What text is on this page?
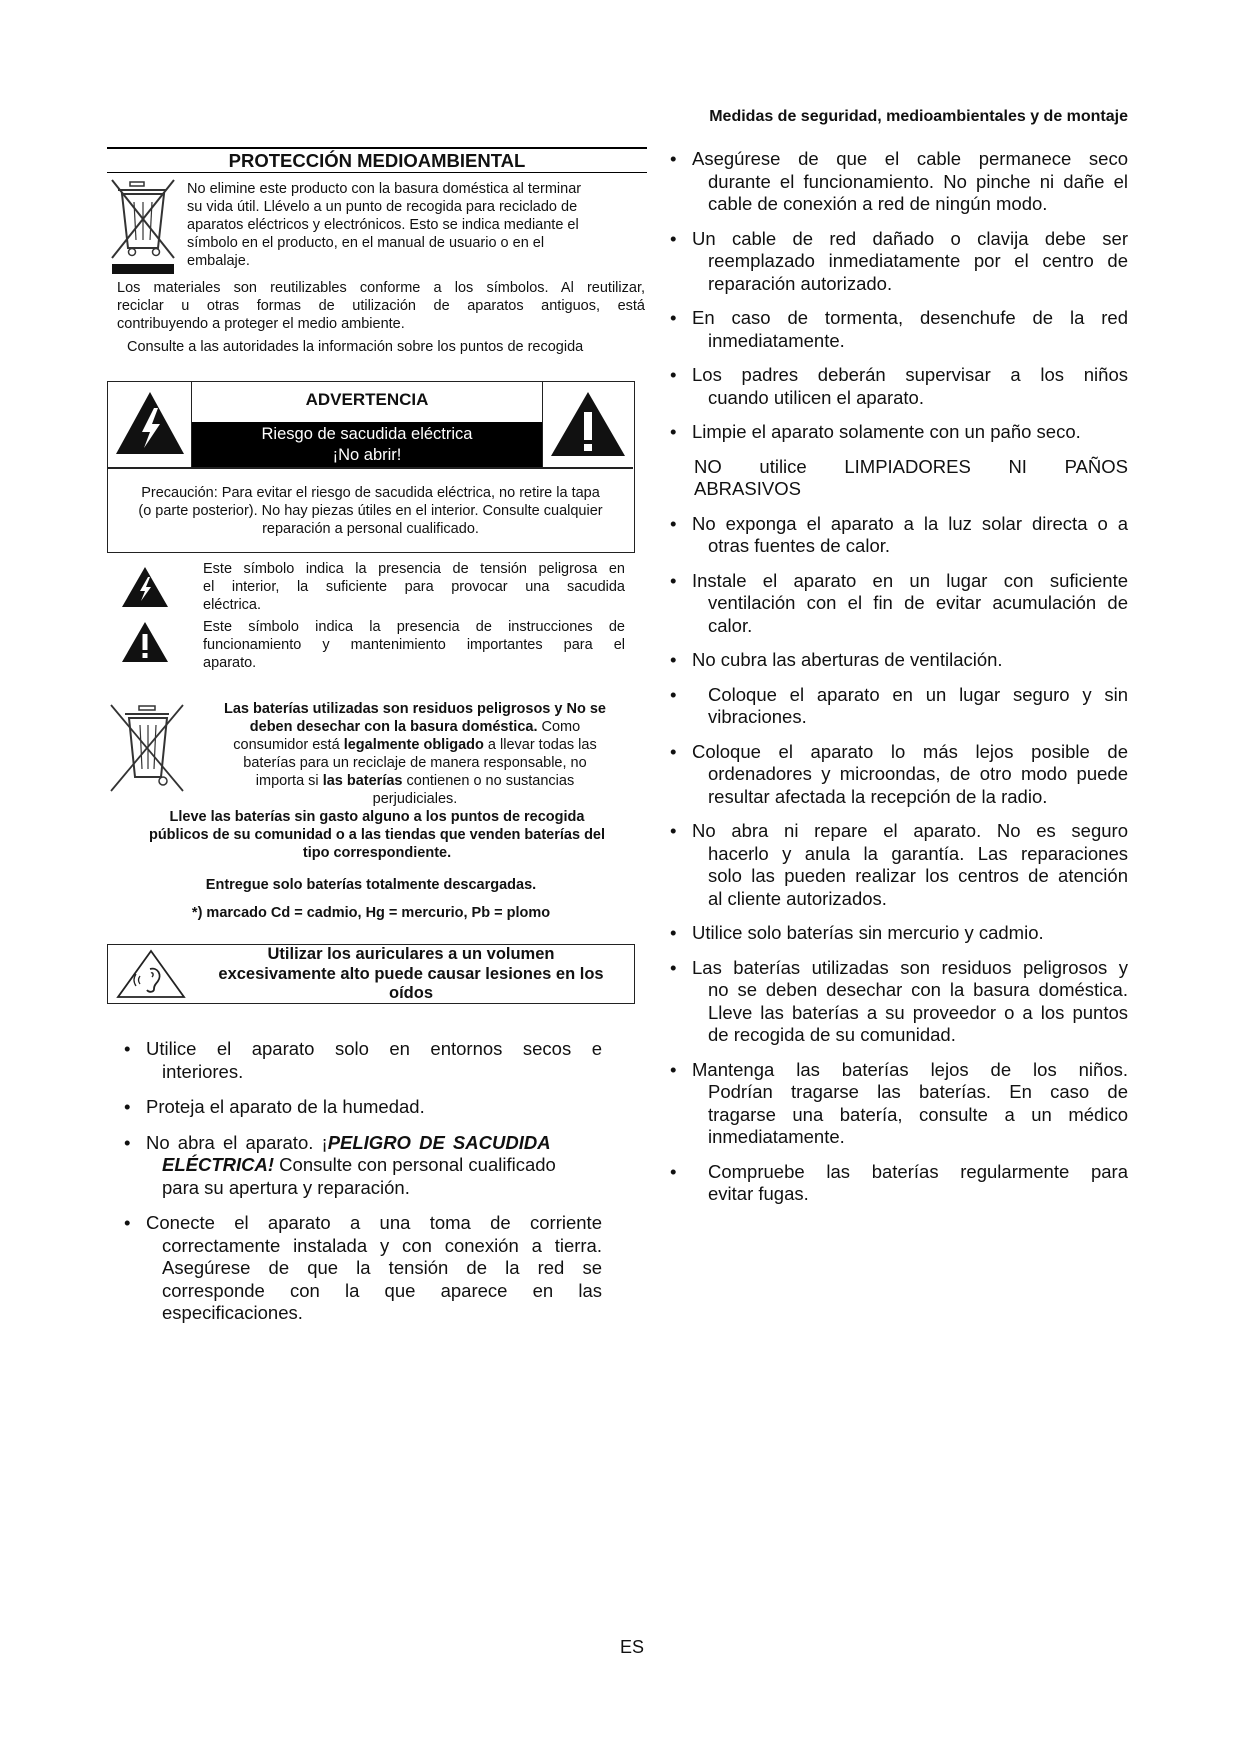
Medidas de seguridad, medioambientales y de montaje
PROTECCIÓN MEDIOAMBIENTAL
No elimine este producto con la basura doméstica al terminar
su vida útil. Llévelo a un punto de recogida para reciclado de
aparatos eléctricos y electrónicos. Esto se indica mediante el
símbolo en el producto, en el manual de usuario o en el
embalaje.
Los materiales son reutilizables conforme a los símbolos. Al reutilizar,
reciclar u otras formas de utilización de aparatos antiguos, está
contribuyendo a proteger el medio ambiente.
Consulte a las autoridades la información sobre los puntos de recogida
ADVERTENCIA
Riesgo de sacudida eléctrica
¡No abrir!
Precaución: Para evitar el riesgo de sacudida eléctrica, no retire la tapa
(o parte posterior). No hay piezas útiles en el interior. Consulte cualquier
reparación a personal cualificado.
Este símbolo indica la presencia de tensión peligrosa en
el interior, la suficiente para provocar una sacudida
eléctrica.
Este símbolo indica la presencia de instrucciones de
funcionamiento y mantenimiento importantes para el
aparato.
Las baterías utilizadas son residuos peligrosos y No se
deben desechar con la basura doméstica. Como
consumidor está legalmente obligado a llevar todas las
baterías para un reciclaje de manera responsable, no
importa si las baterías contienen o no sustancias
perjudiciales.
Lleve las baterías sin gasto alguno a los puntos de recogida
públicos de su comunidad o a las tiendas que venden baterías del
tipo correspondiente.
Entregue solo baterías totalmente descargadas.
*) marcado Cd = cadmio, Hg = mercurio, Pb = plomo
Utilizar los auriculares a un volumen
excesivamente alto puede causar lesiones en los
oídos
• Utilice el aparato solo en entornos secos e
interiores.
• Proteja el aparato de la humedad.
• No abra el aparato. ¡PELIGRO DE SACUDIDA
ELÉCTRICA! Consulte con personal cualificado
para su apertura y reparación.
• Conecte el aparato a una toma de corriente
correctamente instalada y con conexión a tierra.
Asegúrese de que la tensión de la red se
corresponde con la que aparece en las
especificaciones.
• Asegúrese de que el cable permanece seco
durante el funcionamiento. No pinche ni dañe el
cable de conexión a red de ningún modo.
• Un cable de red dañado o clavija debe ser
reemplazado inmediatamente por el centro de
reparación autorizado.
• En caso de tormenta, desenchufe de la red
inmediatamente.
• Los padres deberán supervisar a los niños
cuando utilicen el aparato.
• Limpie el aparato solamente con un paño seco.
NO utilice LIMPIADORES NI PAÑOS
ABRASIVOS
• No exponga el aparato a la luz solar directa o a
otras fuentes de calor.
• Instale el aparato en un lugar con suficiente
ventilación con el fin de evitar acumulación de
calor.
• No cubra las aberturas de ventilación.
•	Coloque el aparato en un lugar seguro y sin
vibraciones.
• Coloque el aparato lo más lejos posible de
ordenadores y microondas, de otro modo puede
resultar afectada la recepción de la radio.
• No abra ni repare el aparato. No es seguro
hacerlo y anula la garantía. Las reparaciones
solo las pueden realizar los centros de atención
al cliente autorizados.
• Utilice solo baterías sin mercurio y cadmio.
• Las baterías utilizadas son residuos peligrosos y
no se deben desechar con la basura doméstica.
Lleve las baterías a su proveedor o a los puntos
de recogida de su comunidad.
• Mantenga las baterías lejos de los niños.
Podrían tragarse las baterías. En caso de
tragarse una batería, consulte a un médico
inmediatamente.
•	Compruebe las baterías regularmente para
evitar fugas.
ES
